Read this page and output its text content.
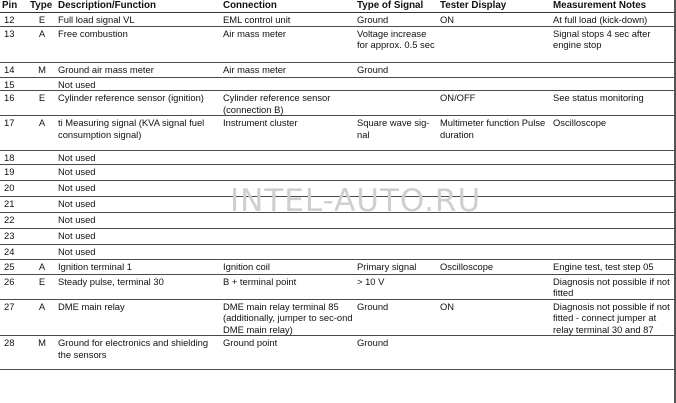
Pin	Type	Description/Function	Connection	Type of Signal	Tester Display	Measurement Notes
12	E	Full load signal VL	EML control unit	Ground	ON	At full load (kick-down)
13	A	Free combustion	Air mass meter	Voltage increase for approx. 0.5 sec		Signal stops 4 sec after engine stop
14	M	Ground air mass meter	Air mass meter	Ground		
15		Not used				
16	E	Cylinder reference sensor (ignition)	Cylinder reference sensor (connection B)		ON/OFF	See status monitoring
17	A	ti Measuring signal (KVA signal fuel consumption signal)	Instrument cluster	Square wave sig-nal	Multimeter function Pulse duration	Oscilloscope
18		Not used				
19		Not used				
20		Not used				
21		Not used				
22		Not used				
23		Not used				
24		Not used				
25	A	Ignition terminal 1	Ignition coil	Primary signal	Oscilloscope	Engine test, test step 05
26	E	Steady pulse, terminal 30	B + terminal point	> 10 V		Diagnosis not possible if not fitted
27	A	DME main relay	DME main relay terminal 85 (additionally, jumper to sec-ond DME main relay)	Ground	ON	Diagnosis not possible if not fitted - connect jumper at relay terminal 30 and 87
28	M	Ground for electronics and shielding the sensors	Ground point	Ground		
INTEL-AUTO.RU
